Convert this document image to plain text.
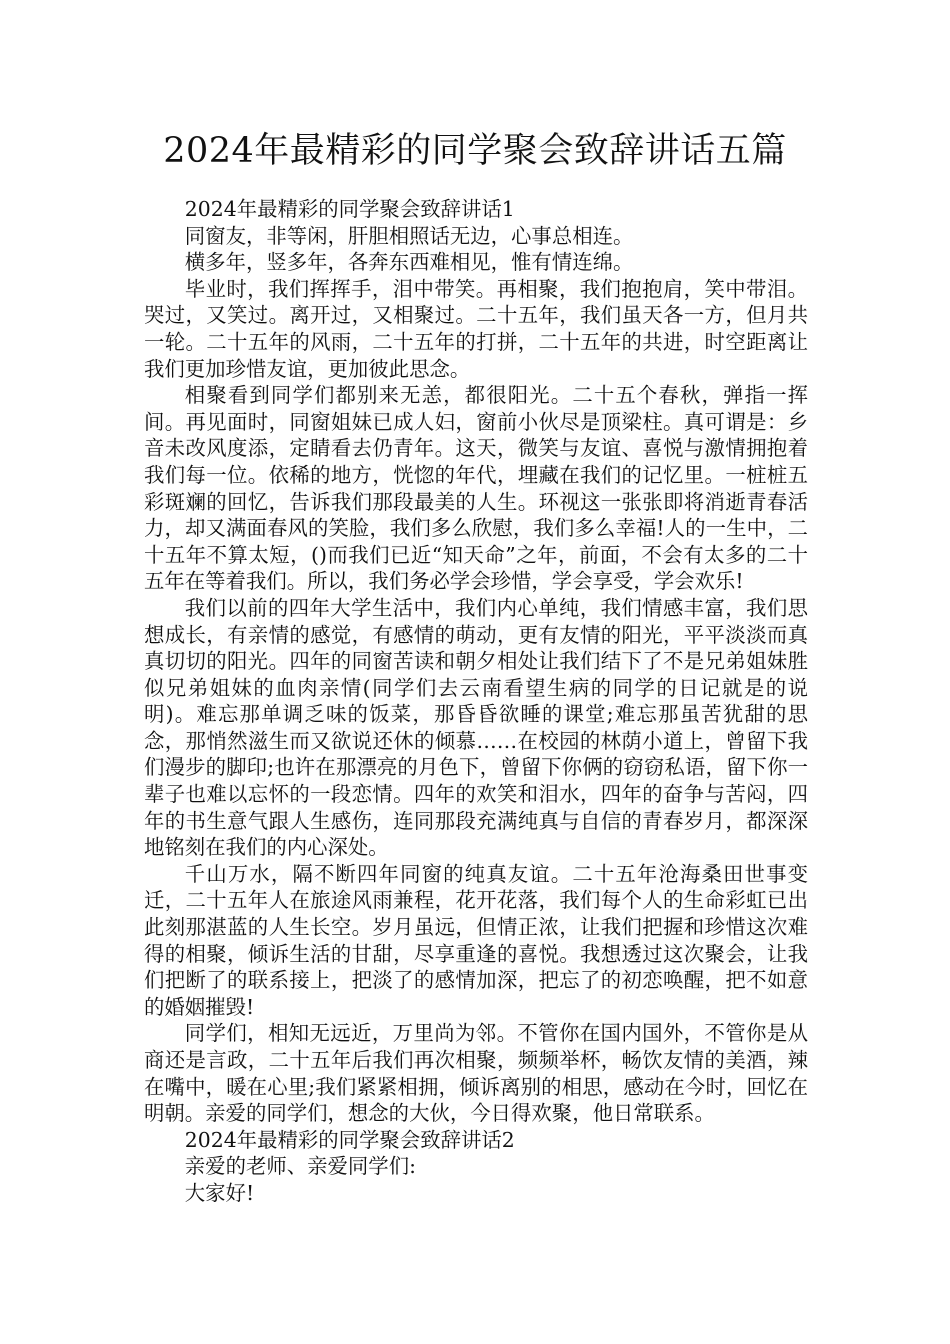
2024年最精彩的同学聚会致辞讲话五篇

2024年最精彩的同学聚会致辞讲话1

同窗友，非等闲，肝胆相照话无边，心事总相连。

横多年，竖多年，各奔东西难相见，惟有情连绵。

毕业时，我们挥挥手，泪中带笑。再相聚，我们抱抱肩，笑中带泪。哭过，又笑过。离开过，又相聚过。二十五年，我们虽天各一方，但月共一轮。二十五年的风雨，二十五年的打拼，二十五年的共进，时空距离让我们更加珍惜友谊，更加彼此思念。

相聚看到同学们都别来无恙，都很阳光。二十五个春秋，弹指一挥间。再见面时，同窗姐妹已成人妇，窗前小伙尽是顶梁柱。真可谓是：乡音未改风度添，定睛看去仍青年。这天，微笑与友谊、喜悦与激情拥抱着我们每一位。依稀的地方，恍惚的年代，埋藏在我们的记忆里。一桩桩五彩斑斓的回忆，告诉我们那段最美的人生。环视这一张张即将消逝青春活力，却又满面春风的笑脸，我们多么欣慰，我们多么幸福!人的一生中，二十五年不算太短，()而我们已近“知天命”之年，前面，不会有太多的二十五年在等着我们。所以，我们务必学会珍惜，学会享受，学会欢乐!

我们以前的四年大学生活中，我们内心单纯，我们情感丰富，我们思想成长，有亲情的感觉，有感情的萌动，更有友情的阳光，平平淡淡而真真切切的阳光。四年的同窗苦读和朝夕相处让我们结下了不是兄弟姐妹胜似兄弟姐妹的血肉亲情(同学们去云南看望生病的同学的日记就是的说明)。难忘那单调乏味的饭菜，那昏昏欲睡的课堂;难忘那虽苦犹甜的思念，那悄然滋生而又欲说还休的倾慕……在校园的林荫小道上，曾留下我们漫步的脚印;也许在那漂亮的月色下，曾留下你俩的窃窃私语，留下你一辈子也难以忘怀的一段恋情。四年的欢笑和泪水，四年的奋争与苦闷，四年的书生意气跟人生感伤，连同那段充满纯真与自信的青春岁月，都深深地铭刻在我们的内心深处。

千山万水，隔不断四年同窗的纯真友谊。二十五年沧海桑田世事变迁，二十五年人在旅途风雨兼程，花开花落，我们每个人的生命彩虹已出此刻那湛蓝的人生长空。岁月虽远，但情正浓，让我们把握和珍惜这次难得的相聚，倾诉生活的甘甜，尽享重逢的喜悦。我想透过这次聚会，让我们把断了的联系接上，把淡了的感情加深，把忘了的初恋唤醒，把不如意的婚姻摧毁!

同学们，相知无远近，万里尚为邻。不管你在国内国外，不管你是从商还是言政，二十五年后我们再次相聚，频频举杯，畅饮友情的美酒，辣在嘴中，暖在心里;我们紧紧相拥，倾诉离别的相思，感动在今时，回忆在明朝。亲爱的同学们，想念的大伙，今日得欢聚，他日常联系。

2024年最精彩的同学聚会致辞讲话2

亲爱的老师、亲爱同学们:

大家好!
